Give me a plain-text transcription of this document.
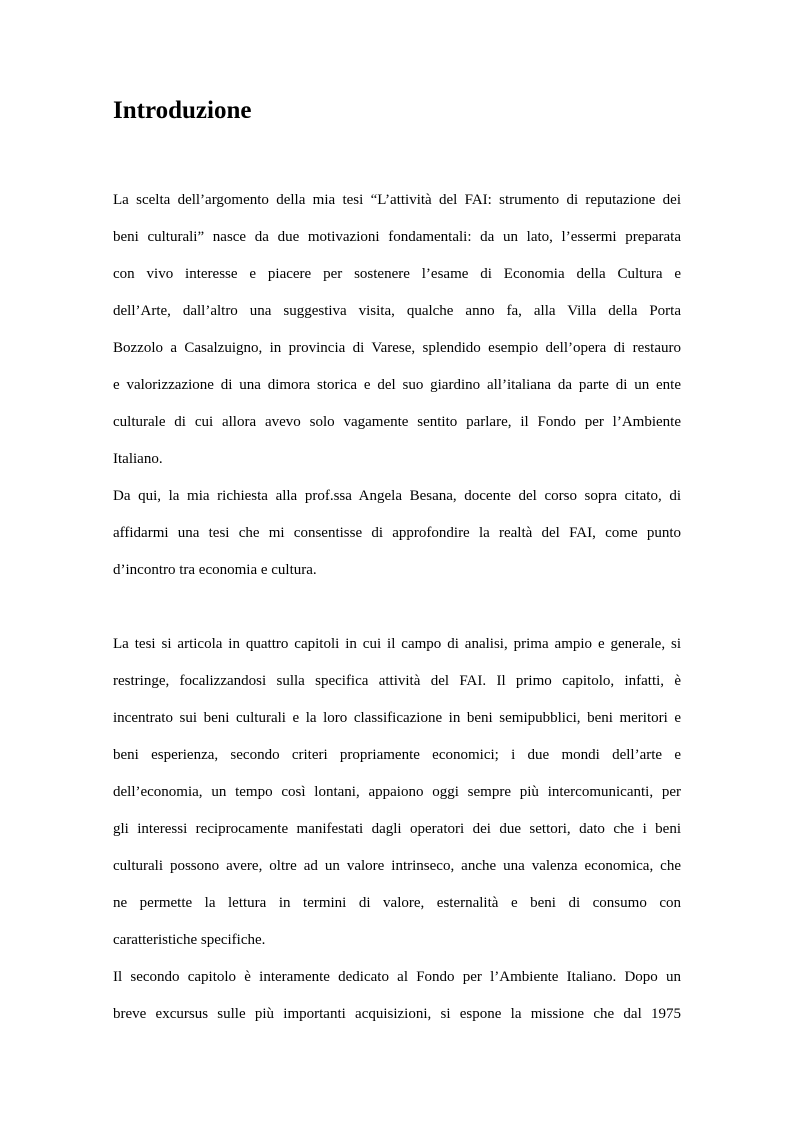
Introduzione
La scelta dell’argomento della mia tesi “L’attività del FAI: strumento di reputazione dei
beni culturali” nasce da due motivazioni fondamentali: da un lato, l’essermi preparata
con vivo interesse e piacere per sostenere l’esame di Economia della Cultura e
dell’Arte, dall’altro una suggestiva visita, qualche anno fa, alla Villa della Porta
Bozzolo a Casalzuigno, in provincia di Varese, splendido esempio dell’opera di restauro
e valorizzazione di una dimora storica e del suo giardino all’italiana da parte di un ente
culturale di cui allora avevo solo vagamente sentito parlare, il Fondo per l’Ambiente
Italiano.
Da qui, la mia richiesta alla prof.ssa Angela Besana, docente del corso sopra citato, di
affidarmi una tesi che mi consentisse di approfondire la realtà del FAI, come punto
d’incontro tra economia e cultura.
La tesi si articola in quattro capitoli in cui il campo di analisi, prima ampio e generale, si
restringe, focalizzandosi sulla specifica attività del FAI. Il primo capitolo, infatti, è
incentrato sui beni culturali e la loro classificazione in beni semipubblici, beni meritori e
beni esperienza, secondo criteri propriamente economici; i due mondi dell’arte e
dell’economia, un tempo così lontani, appaiono oggi sempre più intercomunicanti, per
gli interessi reciprocamente manifestati dagli operatori dei due settori, dato che i beni
culturali possono avere, oltre ad un valore intrinseco, anche una valenza economica, che
ne permette la lettura in termini di valore, esternalità e beni di consumo con
caratteristiche specifiche.
Il secondo capitolo è interamente dedicato al Fondo per l’Ambiente Italiano. Dopo un
breve excursus sulle più importanti acquisizioni, si espone la missione che dal 1975
